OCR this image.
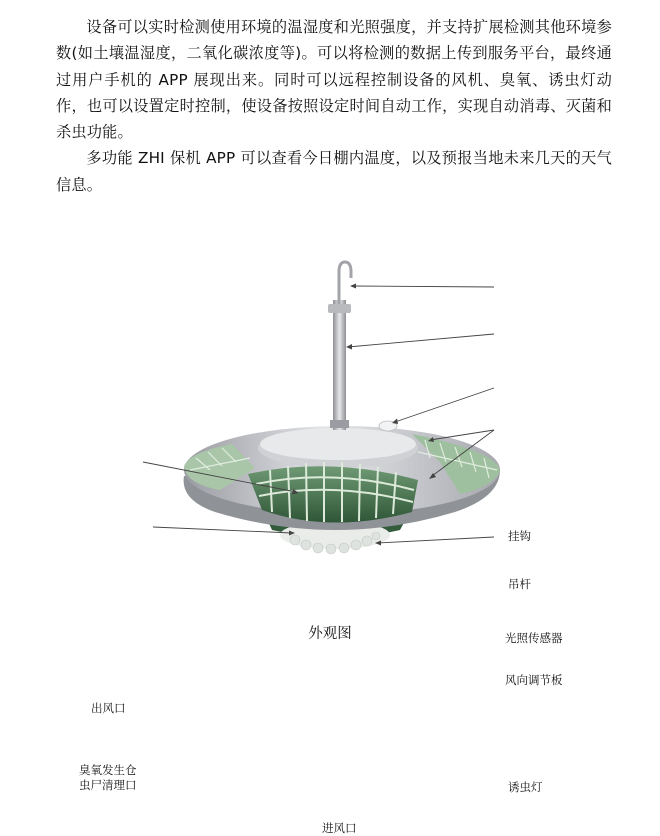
设备可以实时检测使用环境的温湿度和光照强度，并支持扩展检测其他环境参数(如土壤温湿度，二氧化碳浓度等)。可以将检测的数据上传到服务平台，最终通过用户手机的 APP 展现出来。同时可以远程控制设备的风机、臭氧、诱虫灯动作，也可以设置定时控制，使设备按照设定时间自动工作，实现自动消毒、灭菌和杀虫功能。

多功能 ZHI 保机 APP 可以查看今日棚内温度，以及预报当地未来几天的天气信息。

挂钩
吊杆
光照传感器
风向调节板
出风口
臭氧发生仓
虫尸清理口	诱虫灯
进风口
外观图
